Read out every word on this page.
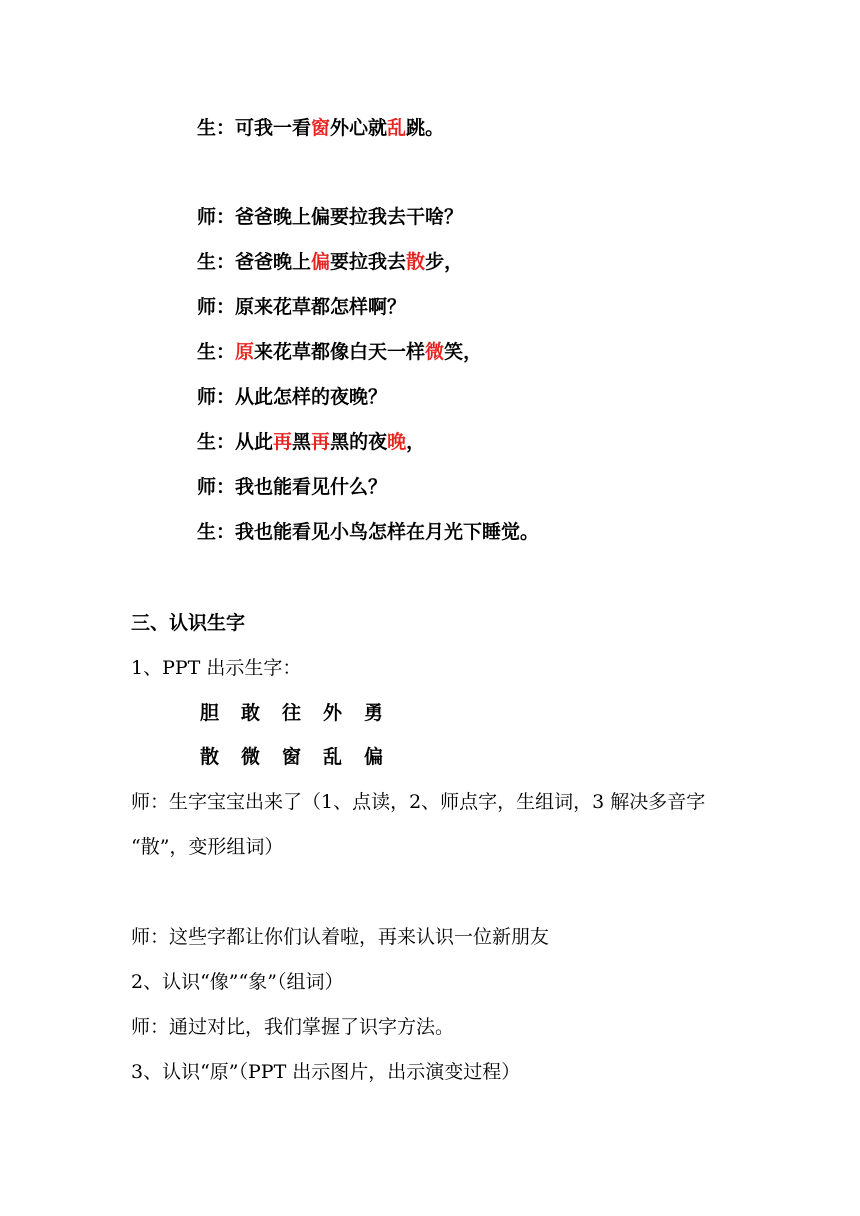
生：可我一看窗外心就乱跳。
师：爸爸晚上偏要拉我去干啥？
生：爸爸晚上偏要拉我去散步，
师：原来花草都怎样啊？
生：原来花草都像白天一样微笑，
师：从此怎样的夜晚？
生：从此再黑再黑的夜晚，
师：我也能看见什么？
生：我也能看见小鸟怎样在月光下睡觉。
三、认识生字
1、PPT 出示生字：
胆 敢 往 外 勇
散 微 窗 乱 偏
师：生字宝宝出来了（1、点读，2、师点字，生组词，3 解决多音字
“散”，变形组词）
师：这些字都让你们认着啦，再来认识一位新朋友
2、认识“像”“象”（组词）
师：通过对比，我们掌握了识字方法。
3、认识“原”（PPT 出示图片，出示演变过程）
